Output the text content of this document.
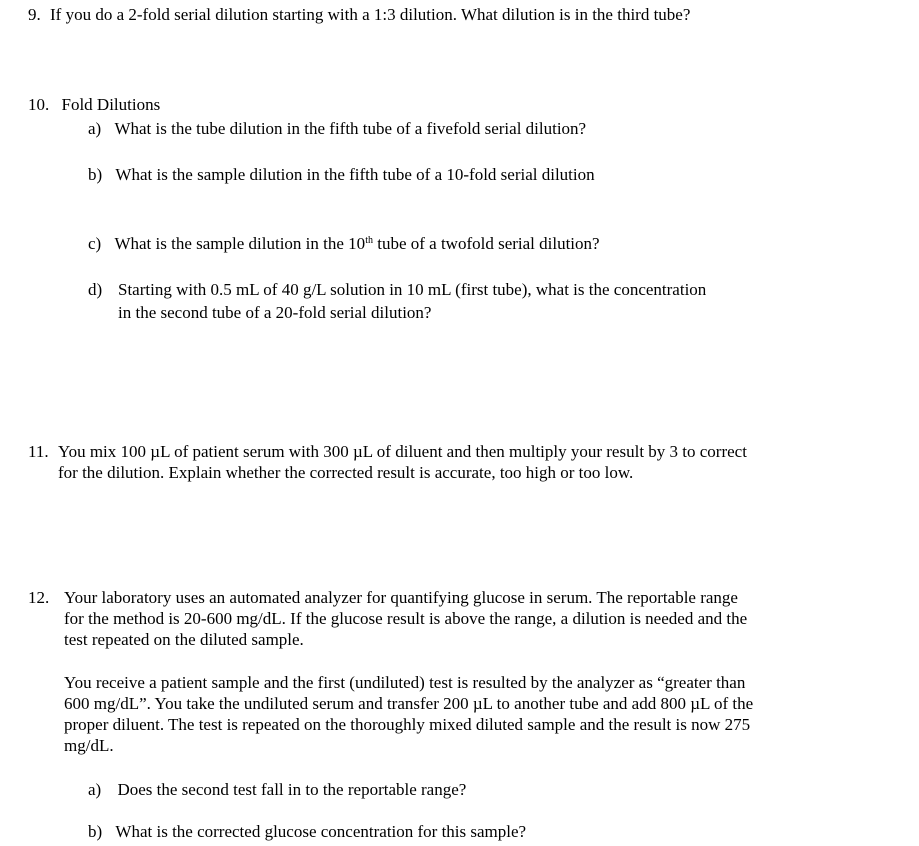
9. If you do a 2-fold serial dilution starting with a 1:3 dilution. What dilution is in the third tube?
10. Fold Dilutions
a) What is the tube dilution in the fifth tube of a fivefold serial dilution?
b) What is the sample dilution in the fifth tube of a 10-fold serial dilution
c) What is the sample dilution in the 10th tube of a twofold serial dilution?
d) Starting with 0.5 mL of 40 g/L solution in 10 mL (first tube), what is the concentration
in the second tube of a 20-fold serial dilution?
11. You mix 100 µL of patient serum with 300 µL of diluent and then multiply your result by 3 to correct
for the dilution. Explain whether the corrected result is accurate, too high or too low.
12. Your laboratory uses an automated analyzer for quantifying glucose in serum. The reportable range
for the method is 20-600 mg/dL. If the glucose result is above the range, a dilution is needed and the
test repeated on the diluted sample.
You receive a patient sample and the first (undiluted) test is resulted by the analyzer as “greater than
600 mg/dL”. You take the undiluted serum and transfer 200 µL to another tube and add 800 µL of the
proper diluent. The test is repeated on the thoroughly mixed diluted sample and the result is now 275
mg/dL.
a) Does the second test fall in to the reportable range?
b) What is the corrected glucose concentration for this sample?
